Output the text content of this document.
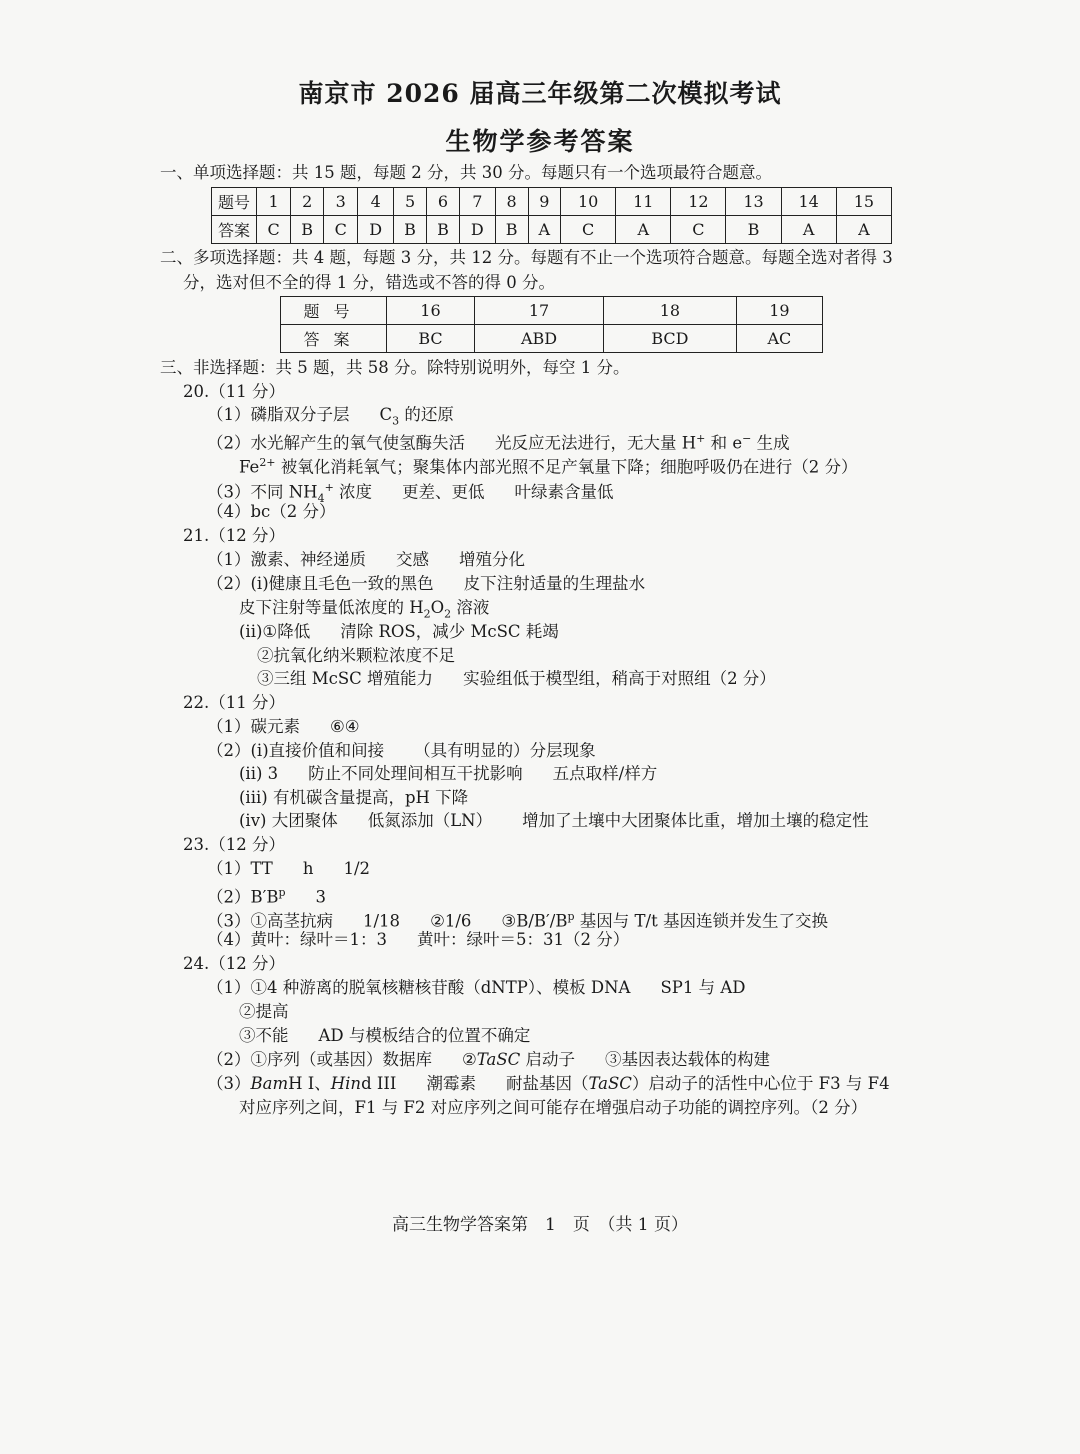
南京市 2026 届高三年级第二次模拟考试
生物学参考答案
一、单项选择题：共 15 题，每题 2 分，共 30 分。每题只有一个选项最符合题意。
题号	1	2	3	4	5	6	7	8	9	10	11	12	13	14	15
答案	C	B	C	D	B	B	D	B	A	C	A	C	B	A	A
二、多项选择题：共 4 题，每题 3 分，共 12 分。每题有不止一个选项符合题意。每题全选对者得 3
分，选对但不全的得 1 分，错选或不答的得 0 分。
题号	16	17	18	19
答案	BC	ABD	BCD	AC
三、非选择题：共 5 题，共 58 分。除特别说明外，每空 1 分。
20.（11 分）
（1）磷脂双分子层 $C_3$ 的还原
（2）水光解产生的氧气使氢酶失活 光反应无法进行，无大量 H+ 和 e− 生成
$Fe^{2+}$ 被氧化消耗氧气；聚集体内部光照不足产氧量下降；细胞呼吸仍在进行（2 分）
（3）不同 $NH_4^+$ 浓度 更差、更低 叶绿素含量低
（4）bc（2 分）
21.（12 分）
（1）激素、神经递质 交感 增殖分化
（2）(i)健康且毛色一致的黑色 皮下注射适量的生理盐水
皮下注射等量低浓度的 $H_2O_2$ 溶液
(ii)①降低 清除 ROS，减少 McSC 耗竭
②抗氧化纳米颗粒浓度不足
③三组 McSC 增殖能力 实验组低于模型组，稍高于对照组（2 分）
22.（11 分）
（1）碳元素 ⑥④
（2）(i)直接价值和间接 （具有明显的）分层现象
(ii) 3 防止不同处理间相互干扰影响 五点取样/样方
(iii) 有机碳含量提高，pH 下降
(iv) 大团聚体 低氮添加（LN） 增加了土壤中大团聚体比重，增加土壤的稳定性
23.（12 分）
（1）TT h 1/2
$(2)B'B^p$ 3
（3）①高茎抗病 1/18 ②1/6 $③B/B'/B^p$ 基因与 T/t 基因连锁并发生了交换
（4）黄叶：绿叶＝1：3 黄叶：绿叶＝5：31（2 分）
24.（12 分）
（1）①4 种游离的脱氧核糖核苷酸（dNTP）、模板 DNA SP1 与 AD
②提高
③不能 AD 与模板结合的位置不确定
（2）①序列（或基因）数据库 ②TaSC 启动子 ③基因表达载体的构建
（3）BamH I、Hind III 潮霉素 耐盐基因（TaSC）启动子的活性中心位于 F3 与 F4
对应序列之间，F1 与 F2 对应序列之间可能存在增强启动子功能的调控序列。（2 分）
高三生物学答案第　1　页　（共 1 页）
